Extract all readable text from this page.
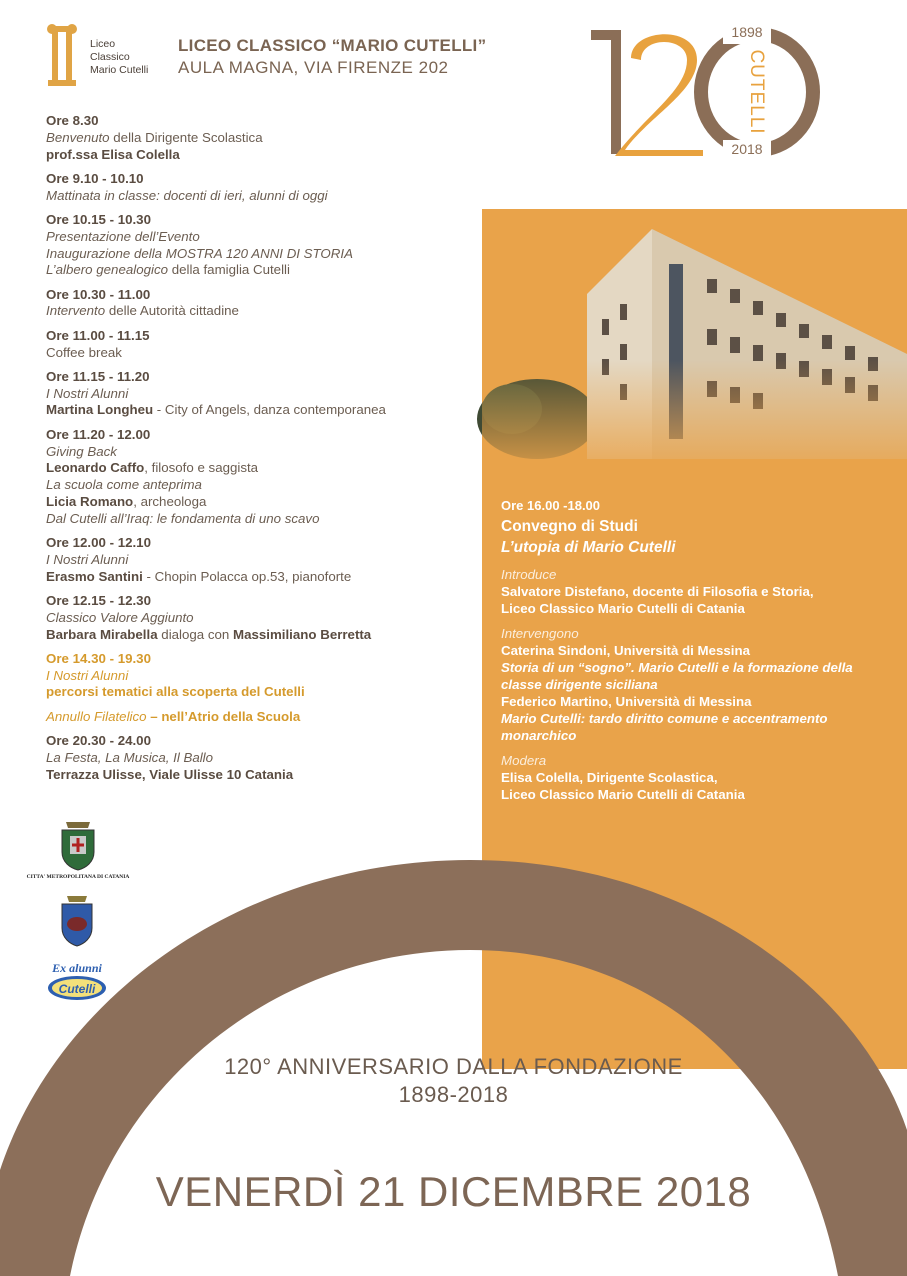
Liceo
Classico
Mario Cutelli
LICEO CLASSICO “MARIO CUTELLI”
AULA MAGNA, VIA FIRENZE 202
1898
2018
CUTELLI
Ore 16.00 -18.00
Convegno di Studi
L’utopia di Mario Cutelli
Introduce
Salvatore Distefano, docente di Filosofia e Storia,
Liceo Classico Mario Cutelli di Catania
Intervengono
Caterina Sindoni, Università di Messina
Storia di un “sogno”. Mario Cutelli e la formazione della
classe dirigente siciliana
Federico Martino, Università di Messina
Mario Cutelli: tardo diritto comune e accentramento
monarchico
Modera
Elisa Colella, Dirigente Scolastica,
Liceo Classico Mario Cutelli di Catania
Ore 8.30
Benvenuto della Dirigente Scolastica
prof.ssa Elisa Colella
Ore 9.10 - 10.10
Mattinata in classe: docenti di ieri, alunni di oggi
Ore 10.15 - 10.30
Presentazione dell’Evento
Inaugurazione della MOSTRA 120 ANNI DI STORIA
L’albero genealogico della famiglia Cutelli
Ore 10.30 - 11.00
Intervento delle Autorità cittadine
Ore 11.00 - 11.15
Coffee break
Ore 11.15 - 11.20
I Nostri Alunni
Martina Longheu - City of Angels, danza contemporanea
Ore 11.20 - 12.00
Giving Back
Leonardo Caffo, filosofo e saggista
La scuola come anteprima
Licia Romano, archeologa
Dal Cutelli all’Iraq: le fondamenta di uno scavo
Ore 12.00 - 12.10
I Nostri Alunni
Erasmo Santini - Chopin Polacca op.53, pianoforte
Ore 12.15 - 12.30
Classico Valore Aggiunto
Barbara Mirabella dialoga con Massimiliano Berretta
Ore 14.30 - 19.30
I Nostri Alunni
percorsi tematici alla scoperta del Cutelli
Annullo Filatelico – nell’Atrio della Scuola
Ore 20.30 - 24.00
La Festa, La Musica, Il Ballo
Terrazza Ulisse, Viale Ulisse 10 Catania
CITTA' METROPOLITANA DI CATANIA
Ex alunni
Cutelli
120° ANNIVERSARIO DALLA FONDAZIONE
1898-2018
VENERDÌ 21 DICEMBRE 2018
